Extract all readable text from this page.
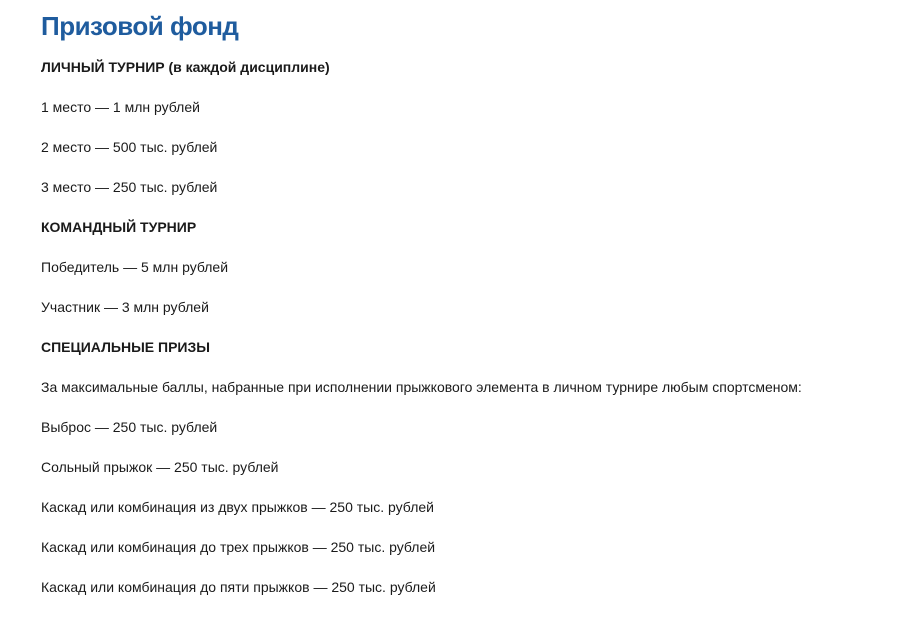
Призовой фонд
ЛИЧНЫЙ ТУРНИР (в каждой дисциплине)
1 место — 1 млн рублей
2 место — 500 тыс. рублей
3 место — 250 тыс. рублей
КОМАНДНЫЙ ТУРНИР
Победитель — 5 млн рублей
Участник — 3 млн рублей
СПЕЦИАЛЬНЫЕ ПРИЗЫ
За максимальные баллы, набранные при исполнении прыжкового элемента в личном турнире любым спортсменом:
Выброс — 250 тыс. рублей
Сольный прыжок — 250 тыс. рублей
Каскад или комбинация из двух прыжков — 250 тыс. рублей
Каскад или комбинация до трех прыжков — 250 тыс. рублей
Каскад или комбинация до пяти прыжков — 250 тыс. рублей
